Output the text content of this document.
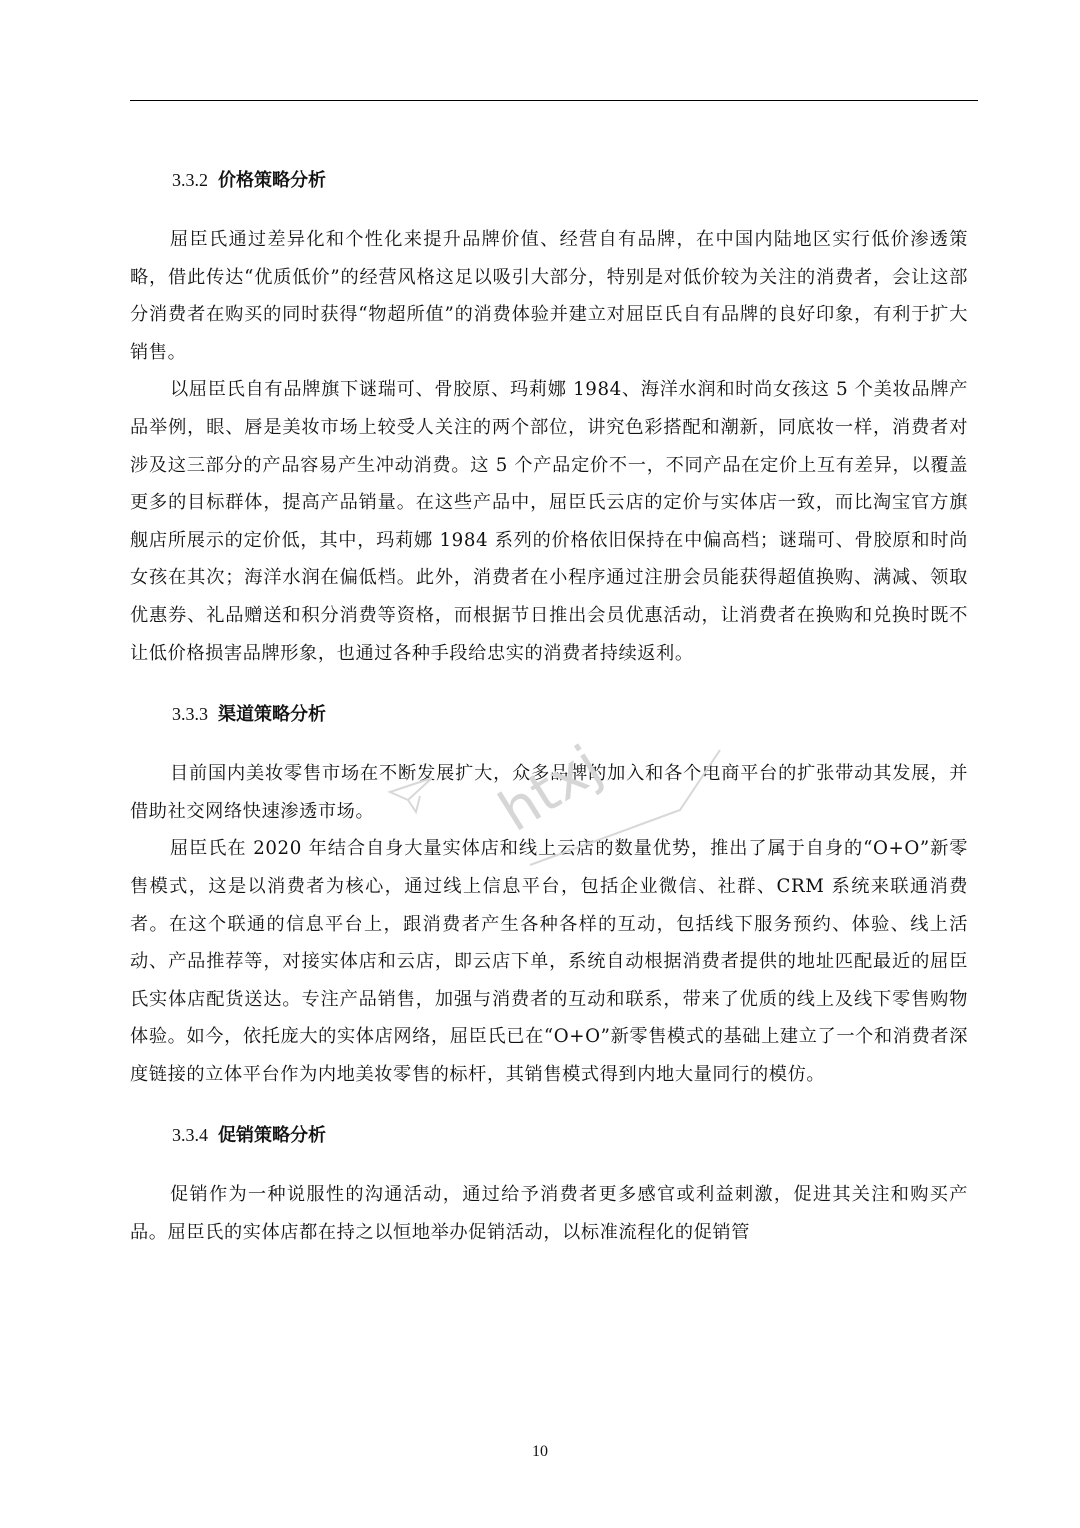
3.3.2 价格策略分析

屈臣氏通过差异化和个性化来提升品牌价值、经营自有品牌，在中国内陆地区实行低价渗透策略，借此传达“优质低价”的经营风格这足以吸引大部分，特别是对低价较为关注的消费者，会让这部分消费者在购买的同时获得“物超所值”的消费体验并建立对屈臣氏自有品牌的良好印象，有利于扩大销售。

以屈臣氏自有品牌旗下谜瑞可、骨胶原、玛莉娜 1984、海洋水润和时尚女孩这 5 个美妆品牌产品举例，眼、唇是美妆市场上较受人关注的两个部位，讲究色彩搭配和潮新，同底妆一样，消费者对涉及这三部分的产品容易产生冲动消费。这 5 个产品定价不一，不同产品在定价上互有差异，以覆盖更多的目标群体，提高产品销量。在这些产品中，屈臣氏云店的定价与实体店一致，而比淘宝官方旗舰店所展示的定价低，其中，玛莉娜 1984 系列的价格依旧保持在中偏高档；谜瑞可、骨胶原和时尚女孩在其次；海洋水润在偏低档。此外，消费者在小程序通过注册会员能获得超值换购、满减、领取优惠券、礼品赠送和积分消费等资格，而根据节日推出会员优惠活动，让消费者在换购和兑换时既不让低价格损害品牌形象，也通过各种手段给忠实的消费者持续返利。

3.3.3 渠道策略分析

目前国内美妆零售市场在不断发展扩大，众多品牌的加入和各个电商平台的扩张带动其发展，并借助社交网络快速渗透市场。

屈臣氏在 2020 年结合自身大量实体店和线上云店的数量优势，推出了属于自身的“O+O”新零售模式，这是以消费者为核心，通过线上信息平台，包括企业微信、社群、CRM 系统来联通消费者。在这个联通的信息平台上，跟消费者产生各种各样的互动，包括线下服务预约、体验、线上活动、产品推荐等，对接实体店和云店，即云店下单，系统自动根据消费者提供的地址匹配最近的屈臣氏实体店配货送达。专注产品销售，加强与消费者的互动和联系，带来了优质的线上及线下零售购物体验。如今，依托庞大的实体店网络，屈臣氏已在“O+O”新零售模式的基础上建立了一个和消费者深度链接的立体平台作为内地美妆零售的标杆，其销售模式得到内地大量同行的模仿。

3.3.4 促销策略分析

促销作为一种说服性的沟通活动，通过给予消费者更多感官或利益刺激，促进其关注和购买产品。屈臣氏的实体店都在持之以恒地举办促销活动，以标准流程化的促销管

htxj
10
